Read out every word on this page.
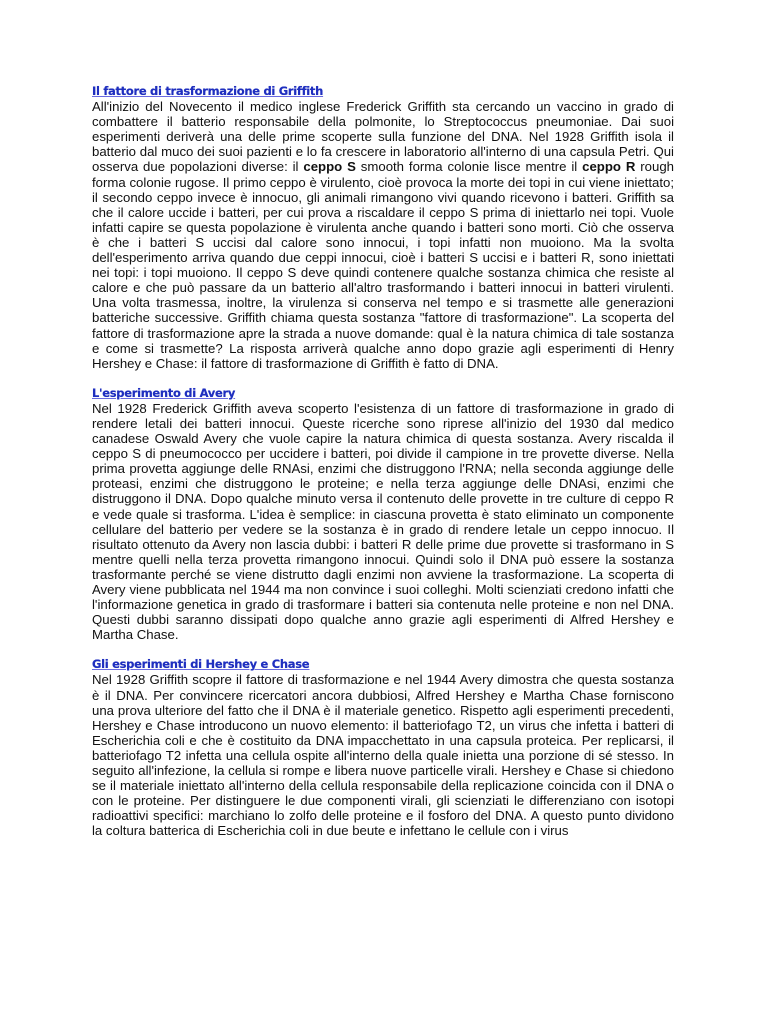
Il fattore di trasformazione di Griffith

All'inizio del Novecento il medico inglese Frederick Griffith sta cercando un vaccino in grado di combattere il batterio responsabile della polmonite, lo Streptococcus pneumoniae. Dai suoi esperimenti deriverà una delle prime scoperte sulla funzione del DNA. Nel 1928 Griffith isola il batterio dal muco dei suoi pazienti e lo fa crescere in laboratorio all'interno di una capsula Petri. Qui osserva due popolazioni diverse: il ceppo S smooth forma colonie lisce mentre il ceppo R rough forma colonie rugose. Il primo ceppo è virulento, cioè provoca la morte dei topi in cui viene iniettato; il secondo ceppo invece è innocuo, gli animali rimangono vivi quando ricevono i batteri. Griffith sa che il calore uccide i batteri, per cui prova a riscaldare il ceppo S prima di iniettarlo nei topi. Vuole infatti capire se questa popolazione è virulenta anche quando i batteri sono morti. Ciò che osserva è che i batteri S uccisi dal calore sono innocui, i topi infatti non muoiono. Ma la svolta dell'esperimento arriva quando due ceppi innocui, cioè i batteri S uccisi e i batteri R, sono iniettati nei topi: i topi muoiono. Il ceppo S deve quindi contenere qualche sostanza chimica che resiste al calore e che può passare da un batterio all'altro trasformando i batteri innocui in batteri virulenti. Una volta trasmessa, inoltre, la virulenza si conserva nel tempo e si trasmette alle generazioni batteriche successive. Griffith chiama questa sostanza "fattore di trasformazione". La scoperta del fattore di trasformazione apre la strada a nuove domande: qual è la natura chimica di tale sostanza e come si trasmette? La risposta arriverà qualche anno dopo grazie agli esperimenti di Henry Hershey e Chase: il fattore di trasformazione di Griffith è fatto di DNA.

L'esperimento di Avery

Nel 1928 Frederick Griffith aveva scoperto l'esistenza di un fattore di trasformazione in grado di rendere letali dei batteri innocui. Queste ricerche sono riprese all'inizio del 1930 dal medico canadese Oswald Avery che vuole capire la natura chimica di questa sostanza. Avery riscalda il ceppo S di pneumococco per uccidere i batteri, poi divide il campione in tre provette diverse. Nella prima provetta aggiunge delle RNAsi, enzimi che distruggono l'RNA; nella seconda aggiunge delle proteasi, enzimi che distruggono le proteine; e nella terza aggiunge delle DNAsi, enzimi che distruggono il DNA. Dopo qualche minuto versa il contenuto delle provette in tre culture di ceppo R e vede quale si trasforma. L'idea è semplice: in ciascuna provetta è stato eliminato un componente cellulare del batterio per vedere se la sostanza è in grado di rendere letale un ceppo innocuo. Il risultato ottenuto da Avery non lascia dubbi: i batteri R delle prime due provette si trasformano in S mentre quelli nella terza provetta rimangono innocui. Quindi solo il DNA può essere la sostanza trasformante perché se viene distrutto dagli enzimi non avviene la trasformazione. La scoperta di Avery viene pubblicata nel 1944 ma non convince i suoi colleghi. Molti scienziati credono infatti che l'informazione genetica in grado di trasformare i batteri sia contenuta nelle proteine e non nel DNA. Questi dubbi saranno dissipati dopo qualche anno grazie agli esperimenti di Alfred Hershey e Martha Chase.

Gli esperimenti di Hershey e Chase

Nel 1928 Griffith scopre il fattore di trasformazione e nel 1944 Avery dimostra che questa sostanza è il DNA. Per convincere ricercatori ancora dubbiosi, Alfred Hershey e Martha Chase forniscono una prova ulteriore del fatto che il DNA è il materiale genetico. Rispetto agli esperimenti precedenti, Hershey e Chase introducono un nuovo elemento: il batteriofago T2, un virus che infetta i batteri di Escherichia coli e che è costituito da DNA impacchettato in una capsula proteica. Per replicarsi, il batteriofago T2 infetta una cellula ospite all'interno della quale inietta una porzione di sé stesso. In seguito all'infezione, la cellula si rompe e libera nuove particelle virali. Hershey e Chase si chiedono se il materiale iniettato all'interno della cellula responsabile della replicazione coincida con il DNA o con le proteine. Per distinguere le due componenti virali, gli scienziati le differenziano con isotopi radioattivi specifici: marchiano lo zolfo delle proteine e il fosforo del DNA. A questo punto dividono la coltura batterica di Escherichia coli in due beute e infettano le cellule con i virus
